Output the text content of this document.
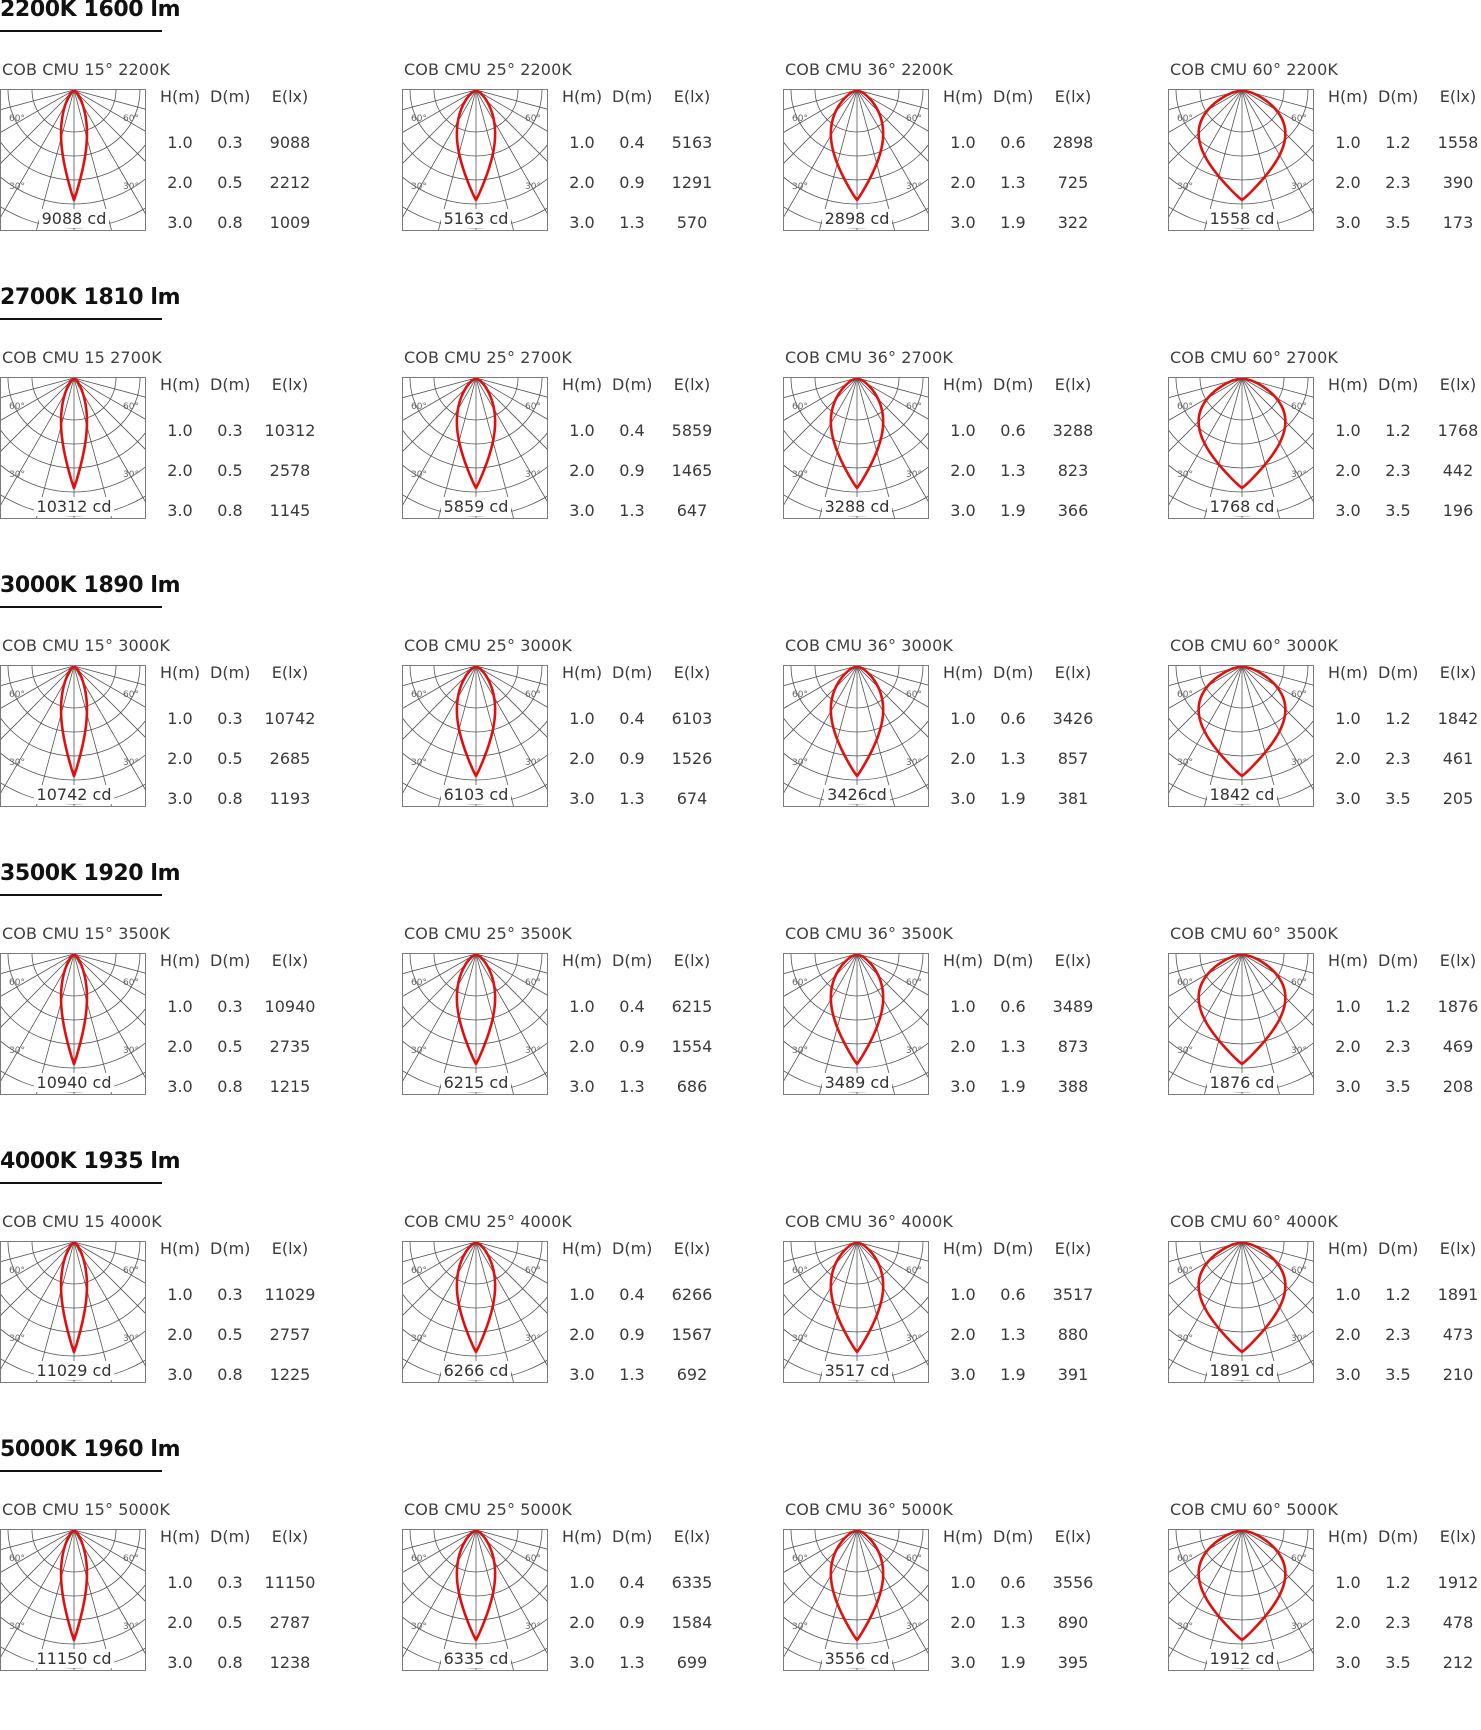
2200K 1600 lm
COB CMU 15° 2200K
60°	60°
30°	30°
9088 cd
H(m) D(m)	E(lx)
1.0	0.3	9088
2.0	0.5	2212
3.0	0.8	1009
COB CMU 25° 2200K
60°	60°
30°	30°
5163 cd
H(m) D(m)	E(lx)
1.0	0.4	5163
2.0	0.9	1291
3.0	1.3	570
COB CMU 36° 2200K
60°	60°
30°	30°
2898 cd
H(m) D(m)	E(lx)
1.0	0.6	2898
2.0	1.3	725
3.0	1.9	322
COB CMU 60° 2200K
60°	60°
30°	30°
1558 cd
H(m) D(m)	E(lx)
1.0	1.2	1558
2.0	2.3	390
3.0	3.5	173
2700K 1810 lm
COB CMU 15 2700K
60°	60°
30°	30°
10312 cd
H(m) D(m)	E(lx)
1.0	0.3	10312
2.0	0.5	2578
3.0	0.8	1145
COB CMU 25° 2700K
60°	60°
30°	30°
5859 cd
H(m) D(m)	E(lx)
1.0	0.4	5859
2.0	0.9	1465
3.0	1.3	647
COB CMU 36° 2700K
60°	60°
30°	30°
3288 cd
H(m) D(m)	E(lx)
1.0	0.6	3288
2.0	1.3	823
3.0	1.9	366
COB CMU 60° 2700K
60°	60°
30°	30°
1768 cd
H(m) D(m)	E(lx)
1.0	1.2	1768
2.0	2.3	442
3.0	3.5	196
3000K 1890 lm
COB CMU 15° 3000K
60°	60°
30°	30°
10742 cd
H(m) D(m)	E(lx)
1.0	0.3	10742
2.0	0.5	2685
3.0	0.8	1193
COB CMU 25° 3000K
60°	60°
30°	30°
6103 cd
H(m) D(m)	E(lx)
1.0	0.4	6103
2.0	0.9	1526
3.0	1.3	674
COB CMU 36° 3000K
60°	60°
30°	30°
3426cd
H(m) D(m)	E(lx)
1.0	0.6	3426
2.0	1.3	857
3.0	1.9	381
COB CMU 60° 3000K
60°	60°
30°	30°
1842 cd
H(m) D(m)	E(lx)
1.0	1.2	1842
2.0	2.3	461
3.0	3.5	205
3500K 1920 lm
COB CMU 15° 3500K
60°	60°
30°	30°
10940 cd
H(m) D(m)	E(lx)
1.0	0.3	10940
2.0	0.5	2735
3.0	0.8	1215
COB CMU 25° 3500K
60°	60°
30°	30°
6215 cd
H(m) D(m)	E(lx)
1.0	0.4	6215
2.0	0.9	1554
3.0	1.3	686
COB CMU 36° 3500K
60°	60°
30°	30°
3489 cd
H(m) D(m)	E(lx)
1.0	0.6	3489
2.0	1.3	873
3.0	1.9	388
COB CMU 60° 3500K
60°	60°
30°	30°
1876 cd
H(m) D(m)	E(lx)
1.0	1.2	1876
2.0	2.3	469
3.0	3.5	208
4000K 1935 lm
COB CMU 15 4000K
60°	60°
30°	30°
11029 cd
H(m) D(m)	E(lx)
1.0	0.3	11029
2.0	0.5	2757
3.0	0.8	1225
COB CMU 25° 4000K
60°	60°
30°	30°
6266 cd
H(m) D(m)	E(lx)
1.0	0.4	6266
2.0	0.9	1567
3.0	1.3	692
COB CMU 36° 4000K
60°	60°
30°	30°
3517 cd
H(m) D(m)	E(lx)
1.0	0.6	3517
2.0	1.3	880
3.0	1.9	391
COB CMU 60° 4000K
60°	60°
30°	30°
1891 cd
H(m) D(m)	E(lx)
1.0	1.2	1891
2.0	2.3	473
3.0	3.5	210
5000K 1960 lm
COB CMU 15° 5000K
60°	60°
30°	30°
11150 cd
H(m) D(m)	E(lx)
1.0	0.3	11150
2.0	0.5	2787
3.0	0.8	1238
COB CMU 25° 5000K
60°	60°
30°	30°
6335 cd
H(m) D(m)	E(lx)
1.0	0.4	6335
2.0	0.9	1584
3.0	1.3	699
COB CMU 36° 5000K
60°	60°
30°	30°
3556 cd
H(m) D(m)	E(lx)
1.0	0.6	3556
2.0	1.3	890
3.0	1.9	395
COB CMU 60° 5000K
60°	60°
30°	30°
1912 cd
H(m) D(m)	E(lx)
1.0	1.2	1912
2.0	2.3	478
3.0	3.5	212
